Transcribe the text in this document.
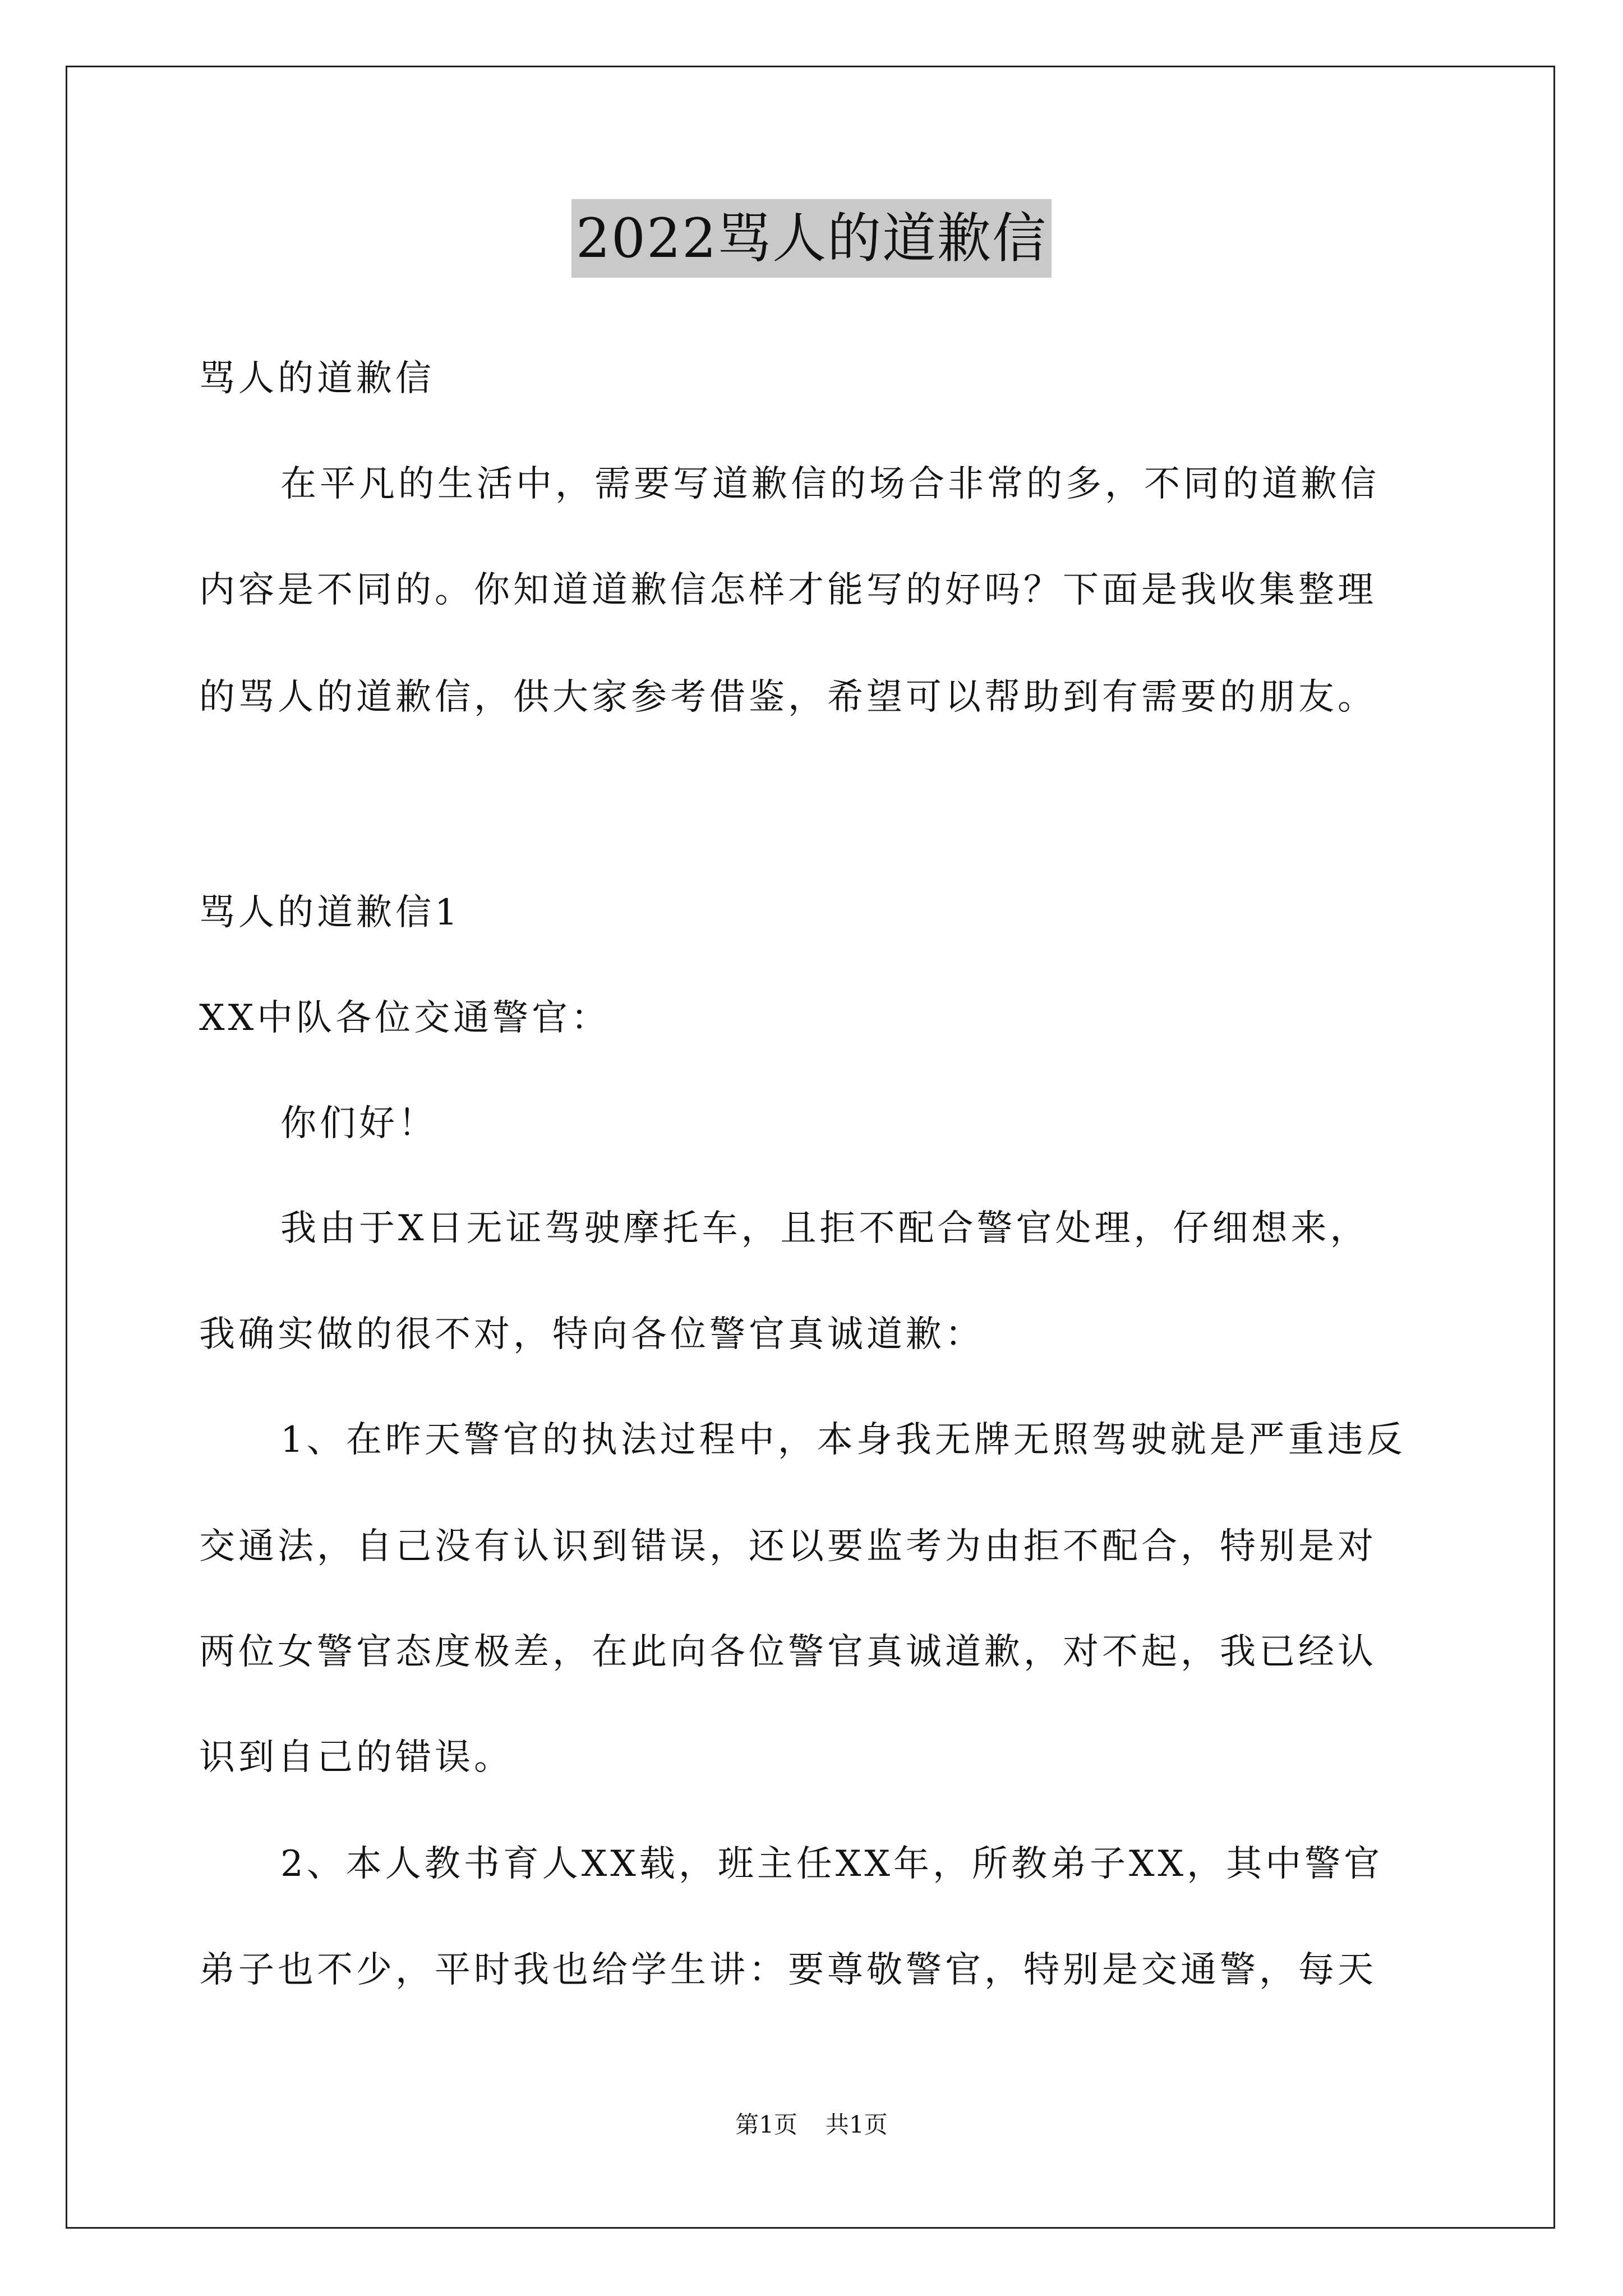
2022骂人的道歉信
骂人的道歉信
在平凡的生活中，需要写道歉信的场合非常的多，不同的道歉信
内容是不同的。你知道道歉信怎样才能写的好吗？下面是我收集整理
的骂人的道歉信，供大家参考借鉴，希望可以帮助到有需要的朋友。
骂人的道歉信1
XX中队各位交通警官：
你们好！
我由于X日无证驾驶摩托车，且拒不配合警官处理，仔细想来，
我确实做的很不对，特向各位警官真诚道歉：
1、在昨天警官的执法过程中，本身我无牌无照驾驶就是严重违反
交通法，自己没有认识到错误，还以要监考为由拒不配合，特别是对
两位女警官态度极差，在此向各位警官真诚道歉，对不起，我已经认
识到自己的错误。
2、本人教书育人XX载，班主任XX年，所教弟子XX，其中警官
弟子也不少，平时我也给学生讲：要尊敬警官，特别是交通警，每天
第1页 共1页
